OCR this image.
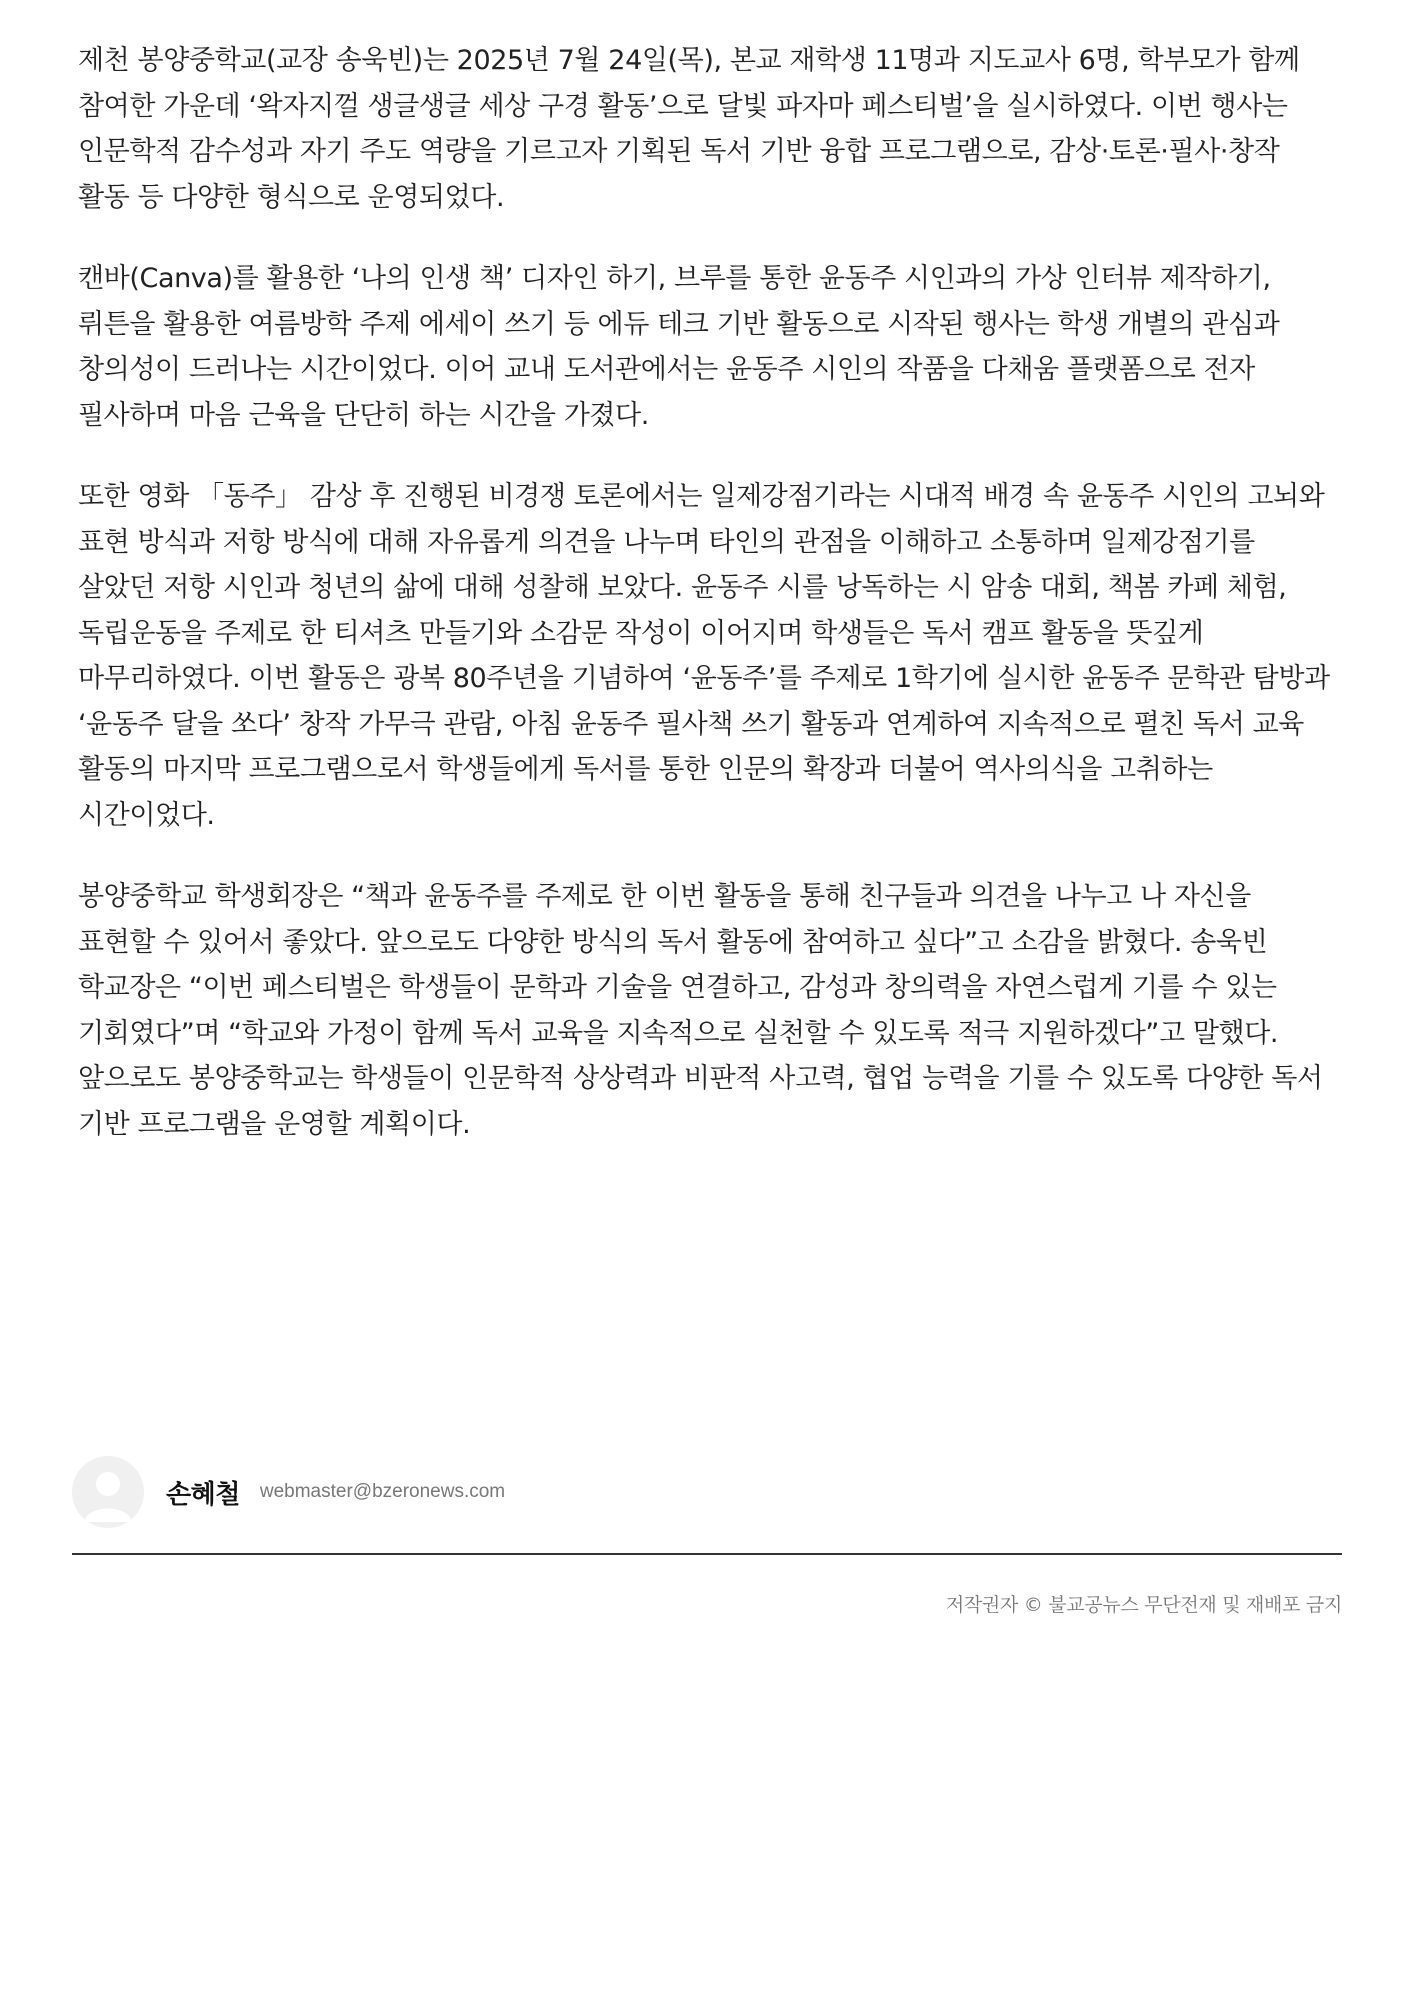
제천 봉양중학교(교장 송욱빈)는 2025년 7월 24일(목), 본교 재학생 11명과 지도교사 6명, 학부모가 함께 참여한 가운데 ‘왁자지껄 생글생글 세상 구경 활동’으로 달빛 파자마 페스티벌’을 실시하였다. 이번 행사는 인문학적 감수성과 자기 주도 역량을 기르고자 기획된 독서 기반 융합 프로그램으로, 감상·토론·필사·창작 활동 등 다양한 형식으로 운영되었다.

캔바(Canva)를 활용한 ‘나의 인생 책’ 디자인 하기, 브루를 통한 윤동주 시인과의 가상 인터뷰 제작하기, 뤼튼을 활용한 여름방학 주제 에세이 쓰기 등 에듀 테크 기반 활동으로 시작된 행사는 학생 개별의 관심과 창의성이 드러나는 시간이었다. 이어 교내 도서관에서는 윤동주 시인의 작품을 다채움 플랫폼으로 전자 필사하며 마음 근육을 단단히 하는 시간을 가졌다.

또한 영화 「동주」 감상 후 진행된 비경쟁 토론에서는 일제강점기라는 시대적 배경 속 윤동주 시인의 고뇌와 표현 방식과 저항 방식에 대해 자유롭게 의견을 나누며 타인의 관점을 이해하고 소통하며 일제강점기를 살았던 저항 시인과 청년의 삶에 대해 성찰해 보았다. 윤동주 시를 낭독하는 시 암송 대회, 책봄 카페 체험, 독립운동을 주제로 한 티셔츠 만들기와 소감문 작성이 이어지며 학생들은 독서 캠프 활동을 뜻깊게 마무리하였다. 이번 활동은 광복 80주년을 기념하여 ‘윤동주’를 주제로 1학기에 실시한 윤동주 문학관 탐방과 ‘윤동주 달을 쏘다’ 창작 가무극 관람, 아침 윤동주 필사책 쓰기 활동과 연계하여 지속적으로 펼친 독서 교육 활동의 마지막 프로그램으로서 학생들에게 독서를 통한 인문의 확장과 더불어 역사의식을 고취하는 시간이었다.

봉양중학교 학생회장은 “책과 윤동주를 주제로 한 이번 활동을 통해 친구들과 의견을 나누고 나 자신을 표현할 수 있어서 좋았다. 앞으로도 다양한 방식의 독서 활동에 참여하고 싶다”고 소감을 밝혔다. 송욱빈 학교장은 “이번 페스티벌은 학생들이 문학과 기술을 연결하고, 감성과 창의력을 자연스럽게 기를 수 있는 기회였다”며 “학교와 가정이 함께 독서 교육을 지속적으로 실천할 수 있도록 적극 지원하겠다”고 말했다. 앞으로도 봉양중학교는 학생들이 인문학적 상상력과 비판적 사고력, 협업 능력을 기를 수 있도록 다양한 독서 기반 프로그램을 운영할 계획이다.

손혜철 webmaster@bzeronews.com
저작권자 © 불교공뉴스 무단전재 및 재배포 금지
